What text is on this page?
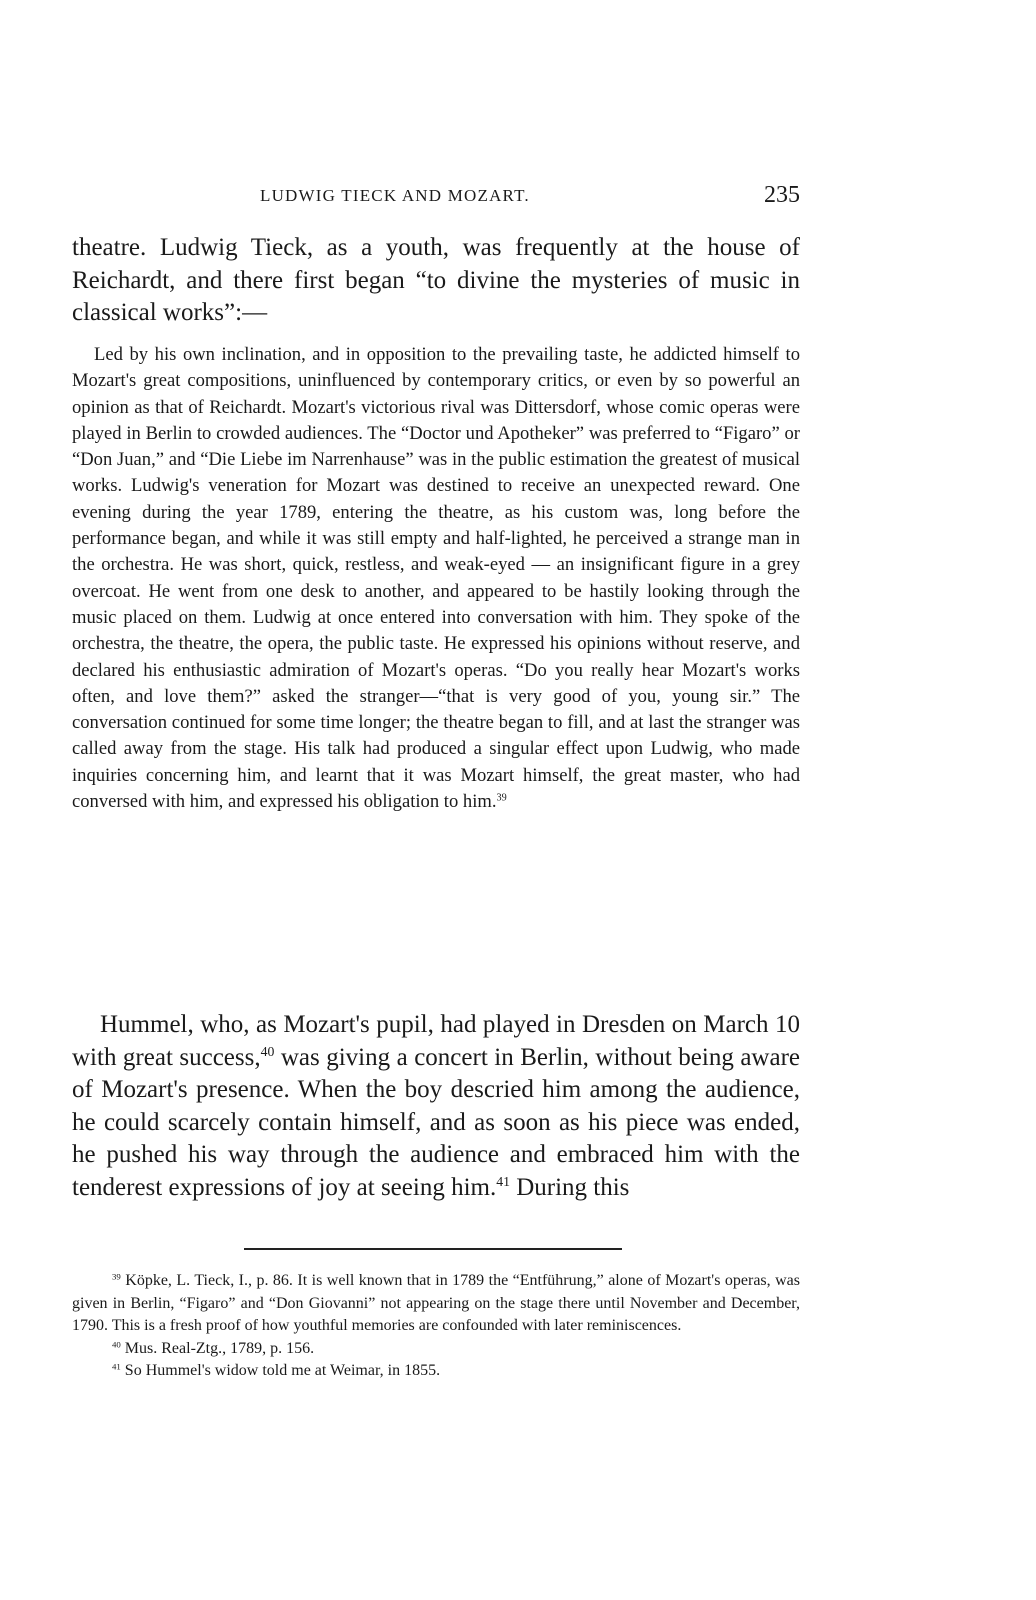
LUDWIG TIECK AND MOZART.	235

theatre. Ludwig Tieck, as a youth, was frequently at the house of Reichardt, and there first began “to divine the mysteries of music in classical works”:—

Led by his own inclination, and in opposition to the prevailing taste, he addicted himself to Mozart's great compositions, uninfluenced by contemporary critics, or even by so powerful an opinion as that of Reichardt. Mozart's victorious rival was Dittersdorf, whose comic operas were played in Berlin to crowded audiences. The “Doctor und Apotheker” was preferred to “Figaro” or “Don Juan,” and “Die Liebe im Narrenhause” was in the public estimation the greatest of musical works. Ludwig's veneration for Mozart was destined to receive an unexpected reward. One evening during the year 1789, entering the theatre, as his custom was, long before the performance began, and while it was still empty and half-lighted, he perceived a strange man in the orchestra. He was short, quick, restless, and weak-eyed — an insignificant figure in a grey overcoat. He went from one desk to another, and appeared to be hastily looking through the music placed on them. Ludwig at once entered into conversation with him. They spoke of the orchestra, the theatre, the opera, the public taste. He expressed his opinions without reserve, and declared his enthusiastic admiration of Mozart's operas. “Do you really hear Mozart's works often, and love them?” asked the stranger—“that is very good of you, young sir.” The conversation continued for some time longer; the theatre began to fill, and at last the stranger was called away from the stage. His talk had produced a singular effect upon Ludwig, who made inquiries concerning him, and learnt that it was Mozart himself, the great master, who had conversed with him, and expressed his obligation to him.$^{39}$

Hummel, who, as Mozart's pupil, had played in Dresden on March 10 with great success,$^{40}$ was giving a concert in Berlin, without being aware of Mozart's presence. When the boy descried him among the audience, he could scarcely contain himself, and as soon as his piece was ended, he pushed his way through the audience and embraced him with the tenderest expressions of joy at seeing him.$^{41}$ During this

$^{39}$ Köpke, L. Tieck, I., p. 86. It is well known that in 1789 the “Entführung,” alone of Mozart's operas, was given in Berlin, “Figaro” and “Don Giovanni” not appearing on the stage there until November and December, 1790. This is a fresh proof of how youthful memories are confounded with later reminiscences.

$^{40}$ Mus. Real-Ztg., 1789, p. 156.

$^{41}$ So Hummel's widow told me at Weimar, in 1855.
